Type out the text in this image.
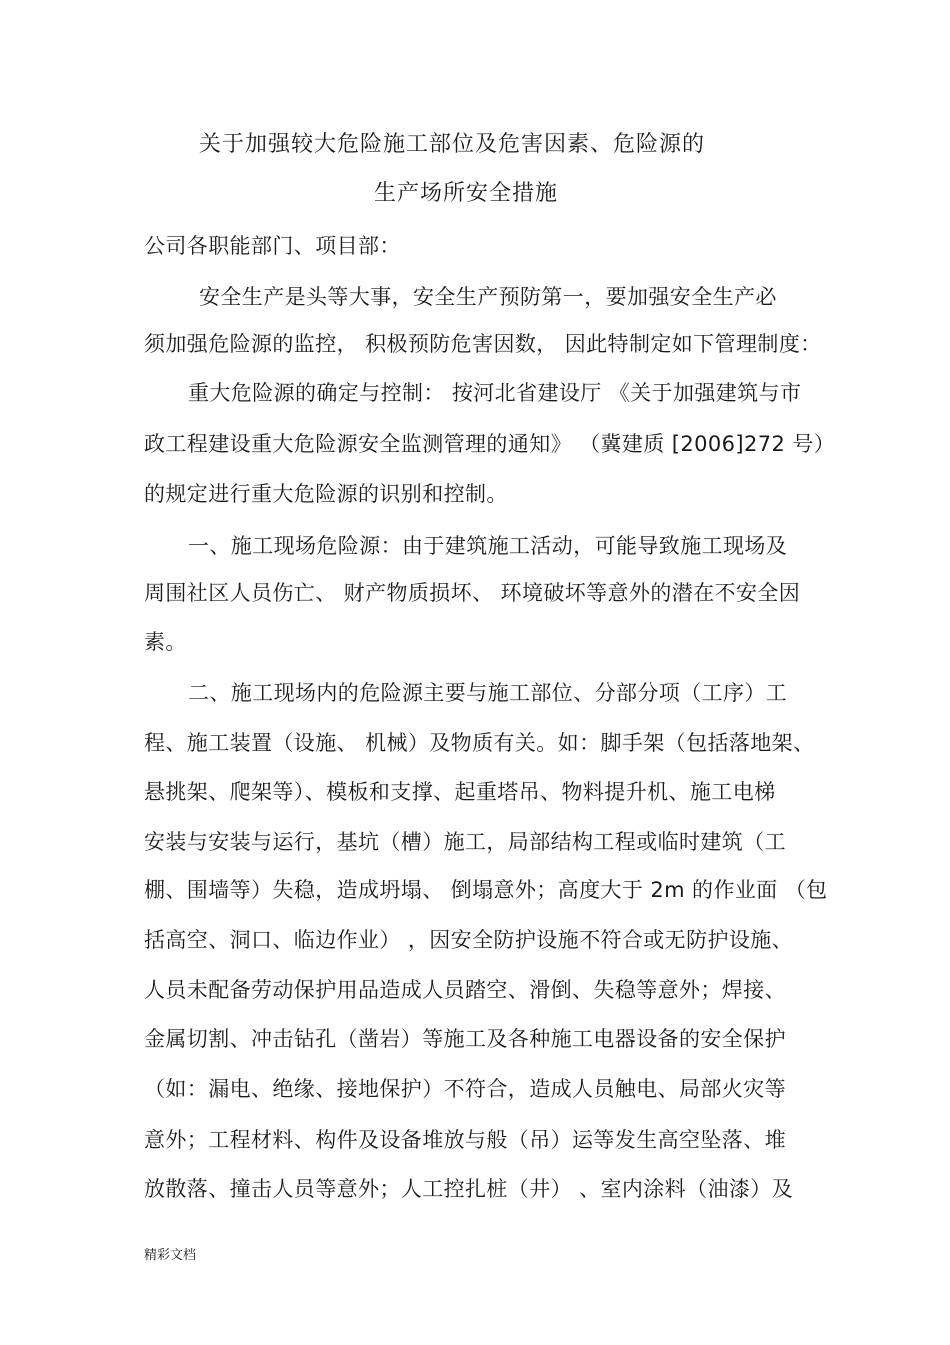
关于加强较大危险施工部位及危害因素、危险源的
生产场所安全措施
公司各职能部门、项目部：
安全生产是头等大事，安全生产预防第一，要加强安全生产必
须加强危险源的监控， 积极预防危害因数， 因此特制定如下管理制度：
重大危险源的确定与控制： 按河北省建设厅 《关于加强建筑与市
政工程建设重大危险源安全监测管理的通知》 （冀建质 [2006]272 号）
的规定进行重大危险源的识别和控制。
一、施工现场危险源：由于建筑施工活动，可能导致施工现场及
周围社区人员伤亡、 财产物质损坏、 环境破坏等意外的潜在不安全因
素。
二、施工现场内的危险源主要与施工部位、分部分项（工序）工
程、施工装置（设施、 机械）及物质有关。如：脚手架（包括落地架、
悬挑架、爬架等）、模板和支撑、起重塔吊、物料提升机、施工电梯
安装与安装与运行，基坑（槽）施工，局部结构工程或临时建筑（工
棚、围墙等）失稳，造成坍塌、 倒塌意外；高度大于 2m 的作业面 （包
括高空、洞口、临边作业） ，因安全防护设施不符合或无防护设施、
人员未配备劳动保护用品造成人员踏空、滑倒、失稳等意外；焊接、
金属切割、冲击钻孔（凿岩）等施工及各种施工电器设备的安全保护
（如：漏电、绝缘、接地保护）不符合，造成人员触电、局部火灾等
意外；工程材料、构件及设备堆放与般（吊）运等发生高空坠落、堆
放散落、撞击人员等意外；人工控扎桩（井） 、室内涂料（油漆）及
精彩文档
